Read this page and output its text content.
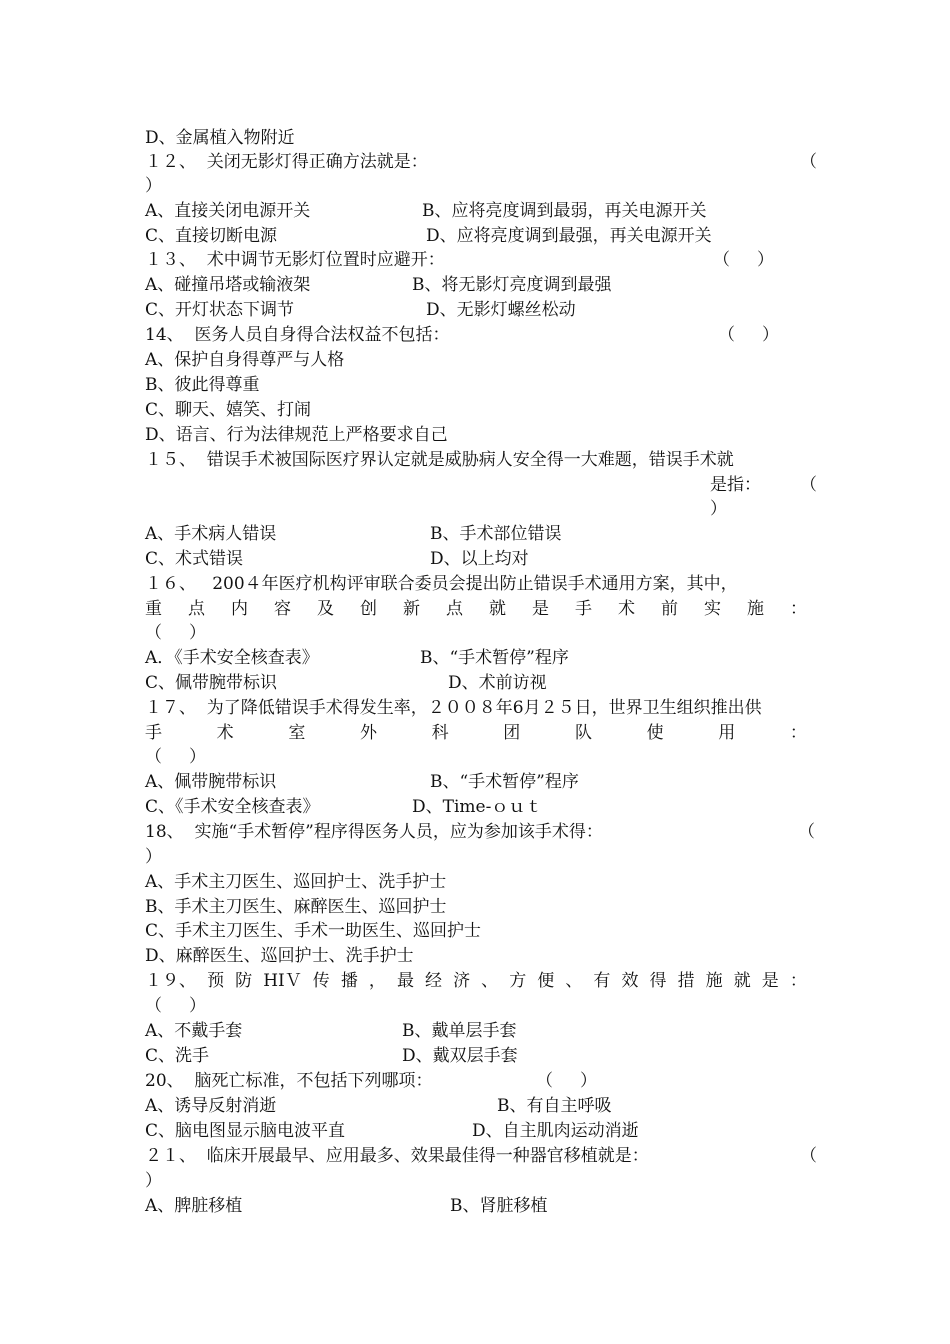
D、金属植入物附近
１２、  关闭无影灯得正确方法就是：	（
）
A、直接关闭电源开关	B、应将亮度调到最弱，再关电源开关
C、直接切断电源	D、应将亮度调到最强，再关电源开关
１３、  术中调节无影灯位置时应避开：	（     ）
A、碰撞吊塔或输液架	B、将无影灯亮度调到最强
C、开灯状态下调节	D、无影灯螺丝松动
14、  医务人员自身得合法权益不包括：	（     ）
A、保护自身得尊严与人格
B、彼此得尊重
C、聊天、嬉笑、打闹
D、语言、行为法律规范上严格要求自己
１５、  错误手术被国际医疗界认定就是威胁病人安全得一大难题，错误手术就
是指： （
）
A、手术病人错误	B、手术部位错误
C、术式错误	D、以上均对
１６、   200４年医疗机构评审联合委员会提出防止错误手术通用方案，其中，
重 点 内 容 及 创 新 点 就 是 手 术 前 实 施 ：
（     ）
A．《手术安全核查表》	B、“手术暂停”程序
C、佩带腕带标识	D、术前访视
１７、  为了降低错误手术得发生率，２００８年6月２５日，世界卫生组织推出供
手	术	室	外	科	团	队	使	用	：
（     ）
A、佩带腕带标识	B、“手术暂停”程序
C、《手术安全核查表》	D、Time-ｏｕｔ
18、  实施“手术暂停”程序得医务人员，应为参加该手术得：	（
）
A、手术主刀医生、巡回护士、洗手护士
B、手术主刀医生、麻醉医生、巡回护士
C、手术主刀医生、手术一助医生、巡回护士
D、麻醉医生、巡回护士、洗手护士
１９、 预 防 HIＶ 传 播 ， 最 经 济 、 方 便 、 有 效 得 措 施 就 是 ：
（     ）
A、不戴手套	B、戴单层手套
C、洗手	D、戴双层手套
20、  脑死亡标准，不包括下列哪项：	（     ）
A、诱导反射消逝	B、有自主呼吸
C、脑电图显示脑电波平直	D、自主肌肉运动消逝
２１、  临床开展最早、应用最多、效果最佳得一种器官移植就是：	（
）
A、脾脏移植	B、肾脏移植
